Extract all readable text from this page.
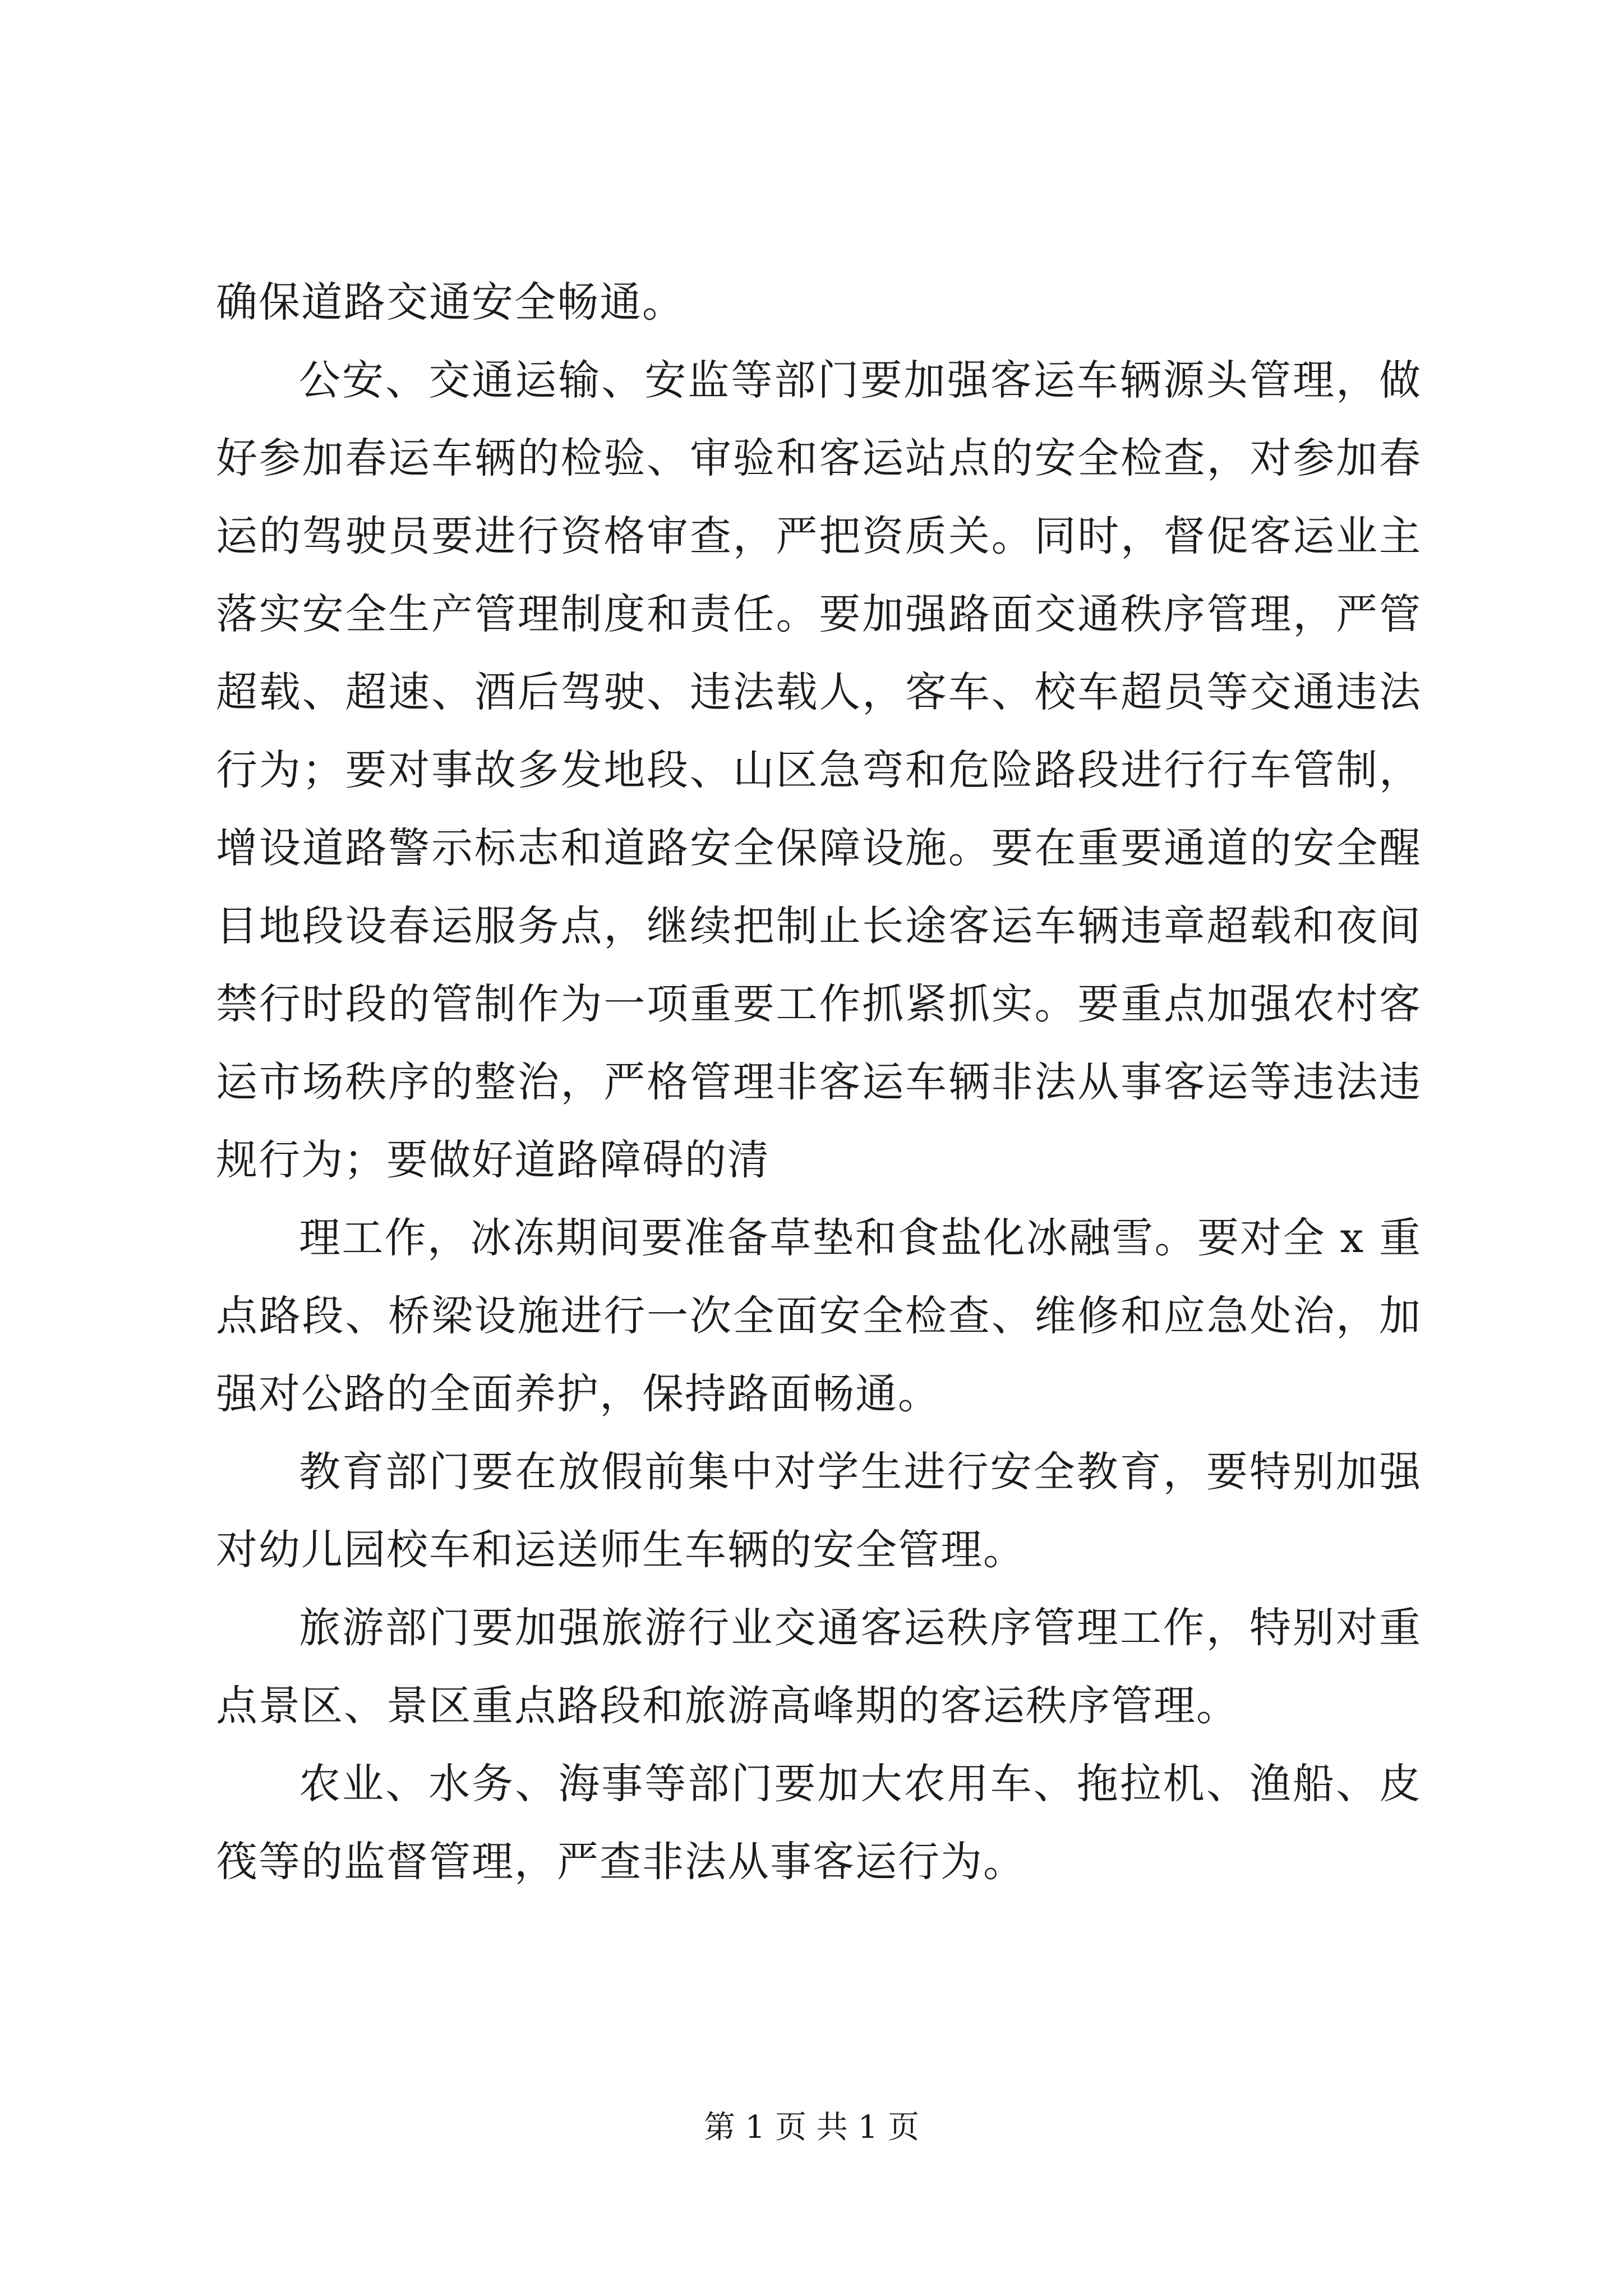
确保道路交通安全畅通。
公安、交通运输、安监等部门要加强客运车辆源头管理，做
好参加春运车辆的检验、审验和客运站点的安全检查，对参加春
运的驾驶员要进行资格审查，严把资质关。同时，督促客运业主
落实安全生产管理制度和责任。要加强路面交通秩序管理，严管
超载、超速、酒后驾驶、违法载人，客车、校车超员等交通违法
行为；要对事故多发地段、山区急弯和危险路段进行行车管制，
增设道路警示标志和道路安全保障设施。要在重要通道的安全醒
目地段设春运服务点，继续把制止长途客运车辆违章超载和夜间
禁行时段的管制作为一项重要工作抓紧抓实。要重点加强农村客
运市场秩序的整治，严格管理非客运车辆非法从事客运等违法违
规行为；要做好道路障碍的清
理工作，冰冻期间要准备草垫和食盐化冰融雪。要对全 x 重
点路段、桥梁设施进行一次全面安全检查、维修和应急处治，加
强对公路的全面养护，保持路面畅通。
教育部门要在放假前集中对学生进行安全教育，要特别加强
对幼儿园校车和运送师生车辆的安全管理。
旅游部门要加强旅游行业交通客运秩序管理工作，特别对重
点景区、景区重点路段和旅游高峰期的客运秩序管理。
农业、水务、海事等部门要加大农用车、拖拉机、渔船、皮
筏等的监督管理，严查非法从事客运行为。
第 1 页 共 1 页
